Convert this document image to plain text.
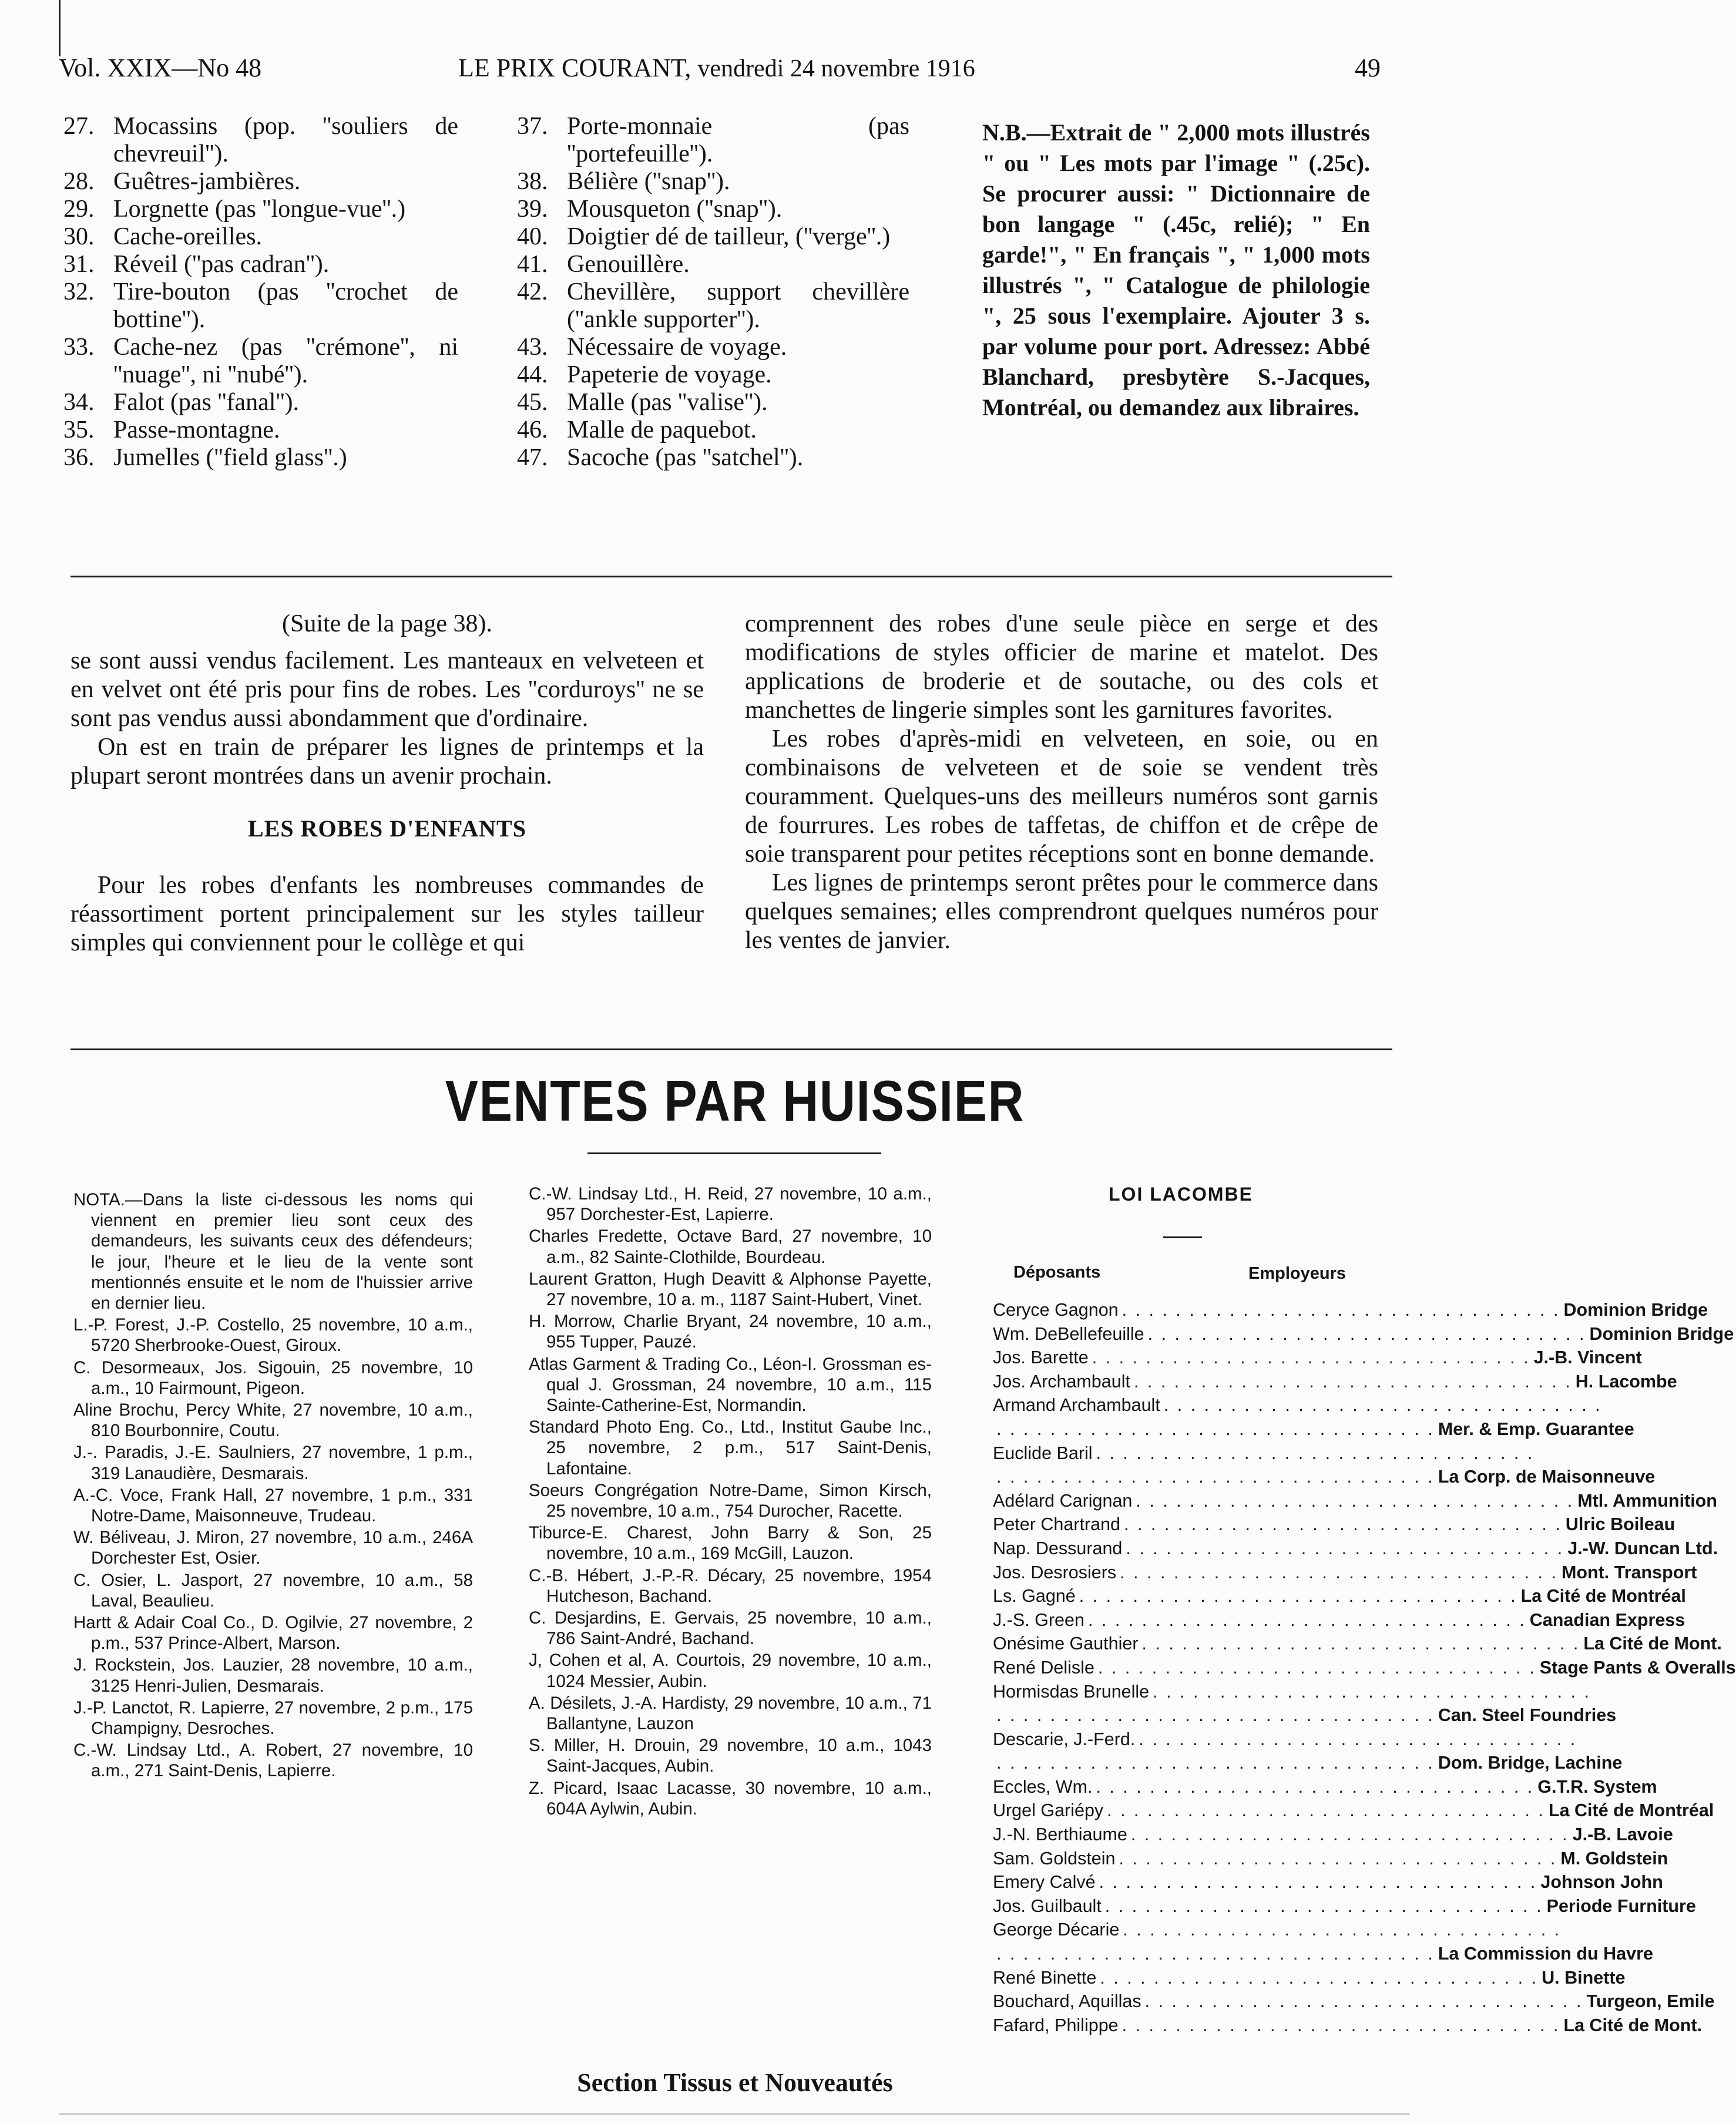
Vol. XXIX—No 48	LE PRIX COURANT, vendredi 24 novembre 1916	49
27. Mocassins (pop. ''souliers de chevreuil'').
28. Guêtres-jambières.
29. Lorgnette (pas ''longue-vue''.)
30. Cache-oreilles.
31. Réveil (''pas cadran'').
32. Tire-bouton (pas ''crochet de bottine'').
33. Cache-nez (pas ''crémone'', ni ''nuage'', ni ''nubé'').
34. Falot (pas ''fanal'').
35. Passe-montagne.
36. Jumelles (''field glass''.)
37. Porte-monnaie (pas ''portefeuille'').
38. Bélière (''snap'').
39. Mousqueton (''snap'').
40. Doigtier dé de tailleur, (''verge''.)
41. Genouillère.
42. Chevillère, support chevillère (''ankle supporter'').
43. Nécessaire de voyage.
44. Papeterie de voyage.
45. Malle (pas ''valise'').
46. Malle de paquebot.
47. Sacoche (pas ''satchel'').
N.B.—Extrait de " 2,000 mots illustrés " ou " Les mots par l'image " (.25c). Se procurer aussi: " Dictionnaire de bon langage " (.45c, relié); " En garde!", " En français ", " 1,000 mots illustrés ", " Catalogue de philologie ", 25 sous l'exemplaire. Ajouter 3 s. par volume pour port. Adressez: Abbé Blanchard, presbytère S.-Jacques, Montréal, ou demandez aux libraires.

(Suite de la page 38).

se sont aussi vendus facilement. Les manteaux en velveteen et en velvet ont été pris pour fins de robes. Les ''corduroys'' ne se sont pas vendus aussi abondamment que d'ordinaire.

On est en train de préparer les lignes de printemps et la plupart seront montrées dans un avenir prochain.

LES ROBES D'ENFANTS

Pour les robes d'enfants les nombreuses commandes de réassortiment portent principalement sur les styles tailleur simples qui conviennent pour le collège et qui

comprennent des robes d'une seule pièce en serge et des modifications de styles officier de marine et matelot. Des applications de broderie et de soutache, ou des cols et manchettes de lingerie simples sont les garnitures favorites.

Les robes d'après-midi en velveteen, en soie, ou en combinaisons de velveteen et de soie se vendent très couramment. Quelques-uns des meilleurs numéros sont garnis de fourrures. Les robes de taffetas, de chiffon et de crêpe de soie transparent pour petites réceptions sont en bonne demande.

Les lignes de printemps seront prêtes pour le commerce dans quelques semaines; elles comprendront quelques numéros pour les ventes de janvier.

VENTES PAR HUISSIER
NOTA.—Dans la liste ci-dessous les noms qui viennent en premier lieu sont ceux des demandeurs, les suivants ceux des défendeurs; le jour, l'heure et le lieu de la vente sont mentionnés ensuite et le nom de l'huissier arrive en dernier lieu.
L.-P. Forest, J.-P. Costello, 25 novembre, 10 a.m., 5720 Sherbrooke-Ouest, Giroux.
C. Desormeaux, Jos. Sigouin, 25 novembre, 10 a.m., 10 Fairmount, Pigeon.
Aline Brochu, Percy White, 27 novembre, 10 a.m., 810 Bourbonnire, Coutu.
J.-. Paradis, J.-E. Saulniers, 27 novembre, 1 p.m., 319 Lanaudière, Desmarais.
A.-C. Voce, Frank Hall, 27 novembre, 1 p.m., 331 Notre-Dame, Maisonneuve, Trudeau.
W. Béliveau, J. Miron, 27 novembre, 10 a.m., 246A Dorchester Est, Osier.
C. Osier, L. Jasport, 27 novembre, 10 a.m., 58 Laval, Beaulieu.
Hartt & Adair Coal Co., D. Ogilvie, 27 novembre, 2 p.m., 537 Prince-Albert, Marson.
J. Rockstein, Jos. Lauzier, 28 novembre, 10 a.m., 3125 Henri-Julien, Desmarais.
J.-P. Lanctot, R. Lapierre, 27 novembre, 2 p.m., 175 Champigny, Desroches.
C.-W. Lindsay Ltd., A. Robert, 27 novembre, 10 a.m., 271 Saint-Denis, Lapierre.
C.-W. Lindsay Ltd., H. Reid, 27 novembre, 10 a.m., 957 Dorchester-Est, Lapierre.
Charles Fredette, Octave Bard, 27 novembre, 10 a.m., 82 Sainte-Clothilde, Bourdeau.
Laurent Gratton, Hugh Deavitt & Alphonse Payette, 27 novembre, 10 a. m., 1187 Saint-Hubert, Vinet.
H. Morrow, Charlie Bryant, 24 novembre, 10 a.m., 955 Tupper, Pauzé.
Atlas Garment & Trading Co., Léon-I. Grossman es-qual J. Grossman, 24 novembre, 10 a.m., 115 Sainte-Catherine-Est, Normandin.
Standard Photo Eng. Co., Ltd., Institut Gaube Inc., 25 novembre, 2 p.m., 517 Saint-Denis, Lafontaine.
Soeurs Congrégation Notre-Dame, Simon Kirsch, 25 novembre, 10 a.m., 754 Durocher, Racette.
Tiburce-E. Charest, John Barry & Son, 25 novembre, 10 a.m., 169 McGill, Lauzon.
C.-B. Hébert, J.-P.-R. Décary, 25 novembre, 1954 Hutcheson, Bachand.
C. Desjardins, E. Gervais, 25 novembre, 10 a.m., 786 Saint-André, Bachand.
J, Cohen et al, A. Courtois, 29 novembre, 10 a.m., 1024 Messier, Aubin.
A. Désilets, J.-A. Hardisty, 29 novembre, 10 a.m., 71 Ballantyne, Lauzon
S. Miller, H. Drouin, 29 novembre, 10 a.m., 1043 Saint-Jacques, Aubin.
Z. Picard, Isaac Lacasse, 30 novembre, 10 a.m., 604A Aylwin, Aubin.
LOI LACOMBE
Déposants	Employeurs
Ceryce Gagnon . . . . . . . . . . . . . . . . . . . . . . . . . . . . . . . . . Dominion Bridge
Wm. DeBellefeuille . . . . . . . . . . . . . . . . . . . . . . . . . . . . . . . . . Dominion Bridge
Jos. Barette . . . . . . . . . . . . . . . . . . . . . . . . . . . . . . . . . J.-B. Vincent
Jos. Archambault . . . . . . . . . . . . . . . . . . . . . . . . . . . . . . . . . H. Lacombe
Armand Archambault . . . . . . . . . . . . . . . . . . . . . . . . . . . . . . . . .
. . . . . . . . . . . . . . . . . . . . . . . . . . . . . . . . . Mer. & Emp. Guarantee
Euclide Baril . . . . . . . . . . . . . . . . . . . . . . . . . . . . . . . . .
. . . . . . . . . . . . . . . . . . . . . . . . . . . . . . . . . La Corp. de Maisonneuve
Adélard Carignan . . . . . . . . . . . . . . . . . . . . . . . . . . . . . . . . . Mtl. Ammunition
Peter Chartrand . . . . . . . . . . . . . . . . . . . . . . . . . . . . . . . . . Ulric Boileau
Nap. Dessurand . . . . . . . . . . . . . . . . . . . . . . . . . . . . . . . . . J.-W. Duncan Ltd.
Jos. Desrosiers . . . . . . . . . . . . . . . . . . . . . . . . . . . . . . . . . Mont. Transport
Ls. Gagné . . . . . . . . . . . . . . . . . . . . . . . . . . . . . . . . . La Cité de Montréal
J.-S. Green . . . . . . . . . . . . . . . . . . . . . . . . . . . . . . . . . Canadian Express
Onésime Gauthier . . . . . . . . . . . . . . . . . . . . . . . . . . . . . . . . . La Cité de Mont.
René Delisle . . . . . . . . . . . . . . . . . . . . . . . . . . . . . . . . . Stage Pants & Overalls
Hormisdas Brunelle . . . . . . . . . . . . . . . . . . . . . . . . . . . . . . . . .
. . . . . . . . . . . . . . . . . . . . . . . . . . . . . . . . . Can. Steel Foundries
Descarie, J.-Ferd. . . . . . . . . . . . . . . . . . . . . . . . . . . . . . . . . .
. . . . . . . . . . . . . . . . . . . . . . . . . . . . . . . . . Dom. Bridge, Lachine
Eccles, Wm. . . . . . . . . . . . . . . . . . . . . . . . . . . . . . . . . . G.T.R. System
Urgel Gariépy . . . . . . . . . . . . . . . . . . . . . . . . . . . . . . . . . La Cité de Montréal
J.-N. Berthiaume . . . . . . . . . . . . . . . . . . . . . . . . . . . . . . . . . J.-B. Lavoie
Sam. Goldstein . . . . . . . . . . . . . . . . . . . . . . . . . . . . . . . . . M. Goldstein
Emery Calvé . . . . . . . . . . . . . . . . . . . . . . . . . . . . . . . . . Johnson John
Jos. Guilbault . . . . . . . . . . . . . . . . . . . . . . . . . . . . . . . . . Periode Furniture
George Décarie . . . . . . . . . . . . . . . . . . . . . . . . . . . . . . . . .
. . . . . . . . . . . . . . . . . . . . . . . . . . . . . . . . . La Commission du Havre
René Binette . . . . . . . . . . . . . . . . . . . . . . . . . . . . . . . . . U. Binette
Bouchard, Aquillas . . . . . . . . . . . . . . . . . . . . . . . . . . . . . . . . . Turgeon, Emile
Fafard, Philippe . . . . . . . . . . . . . . . . . . . . . . . . . . . . . . . . . La Cité de Mont.
Section Tissus et Nouveautés
